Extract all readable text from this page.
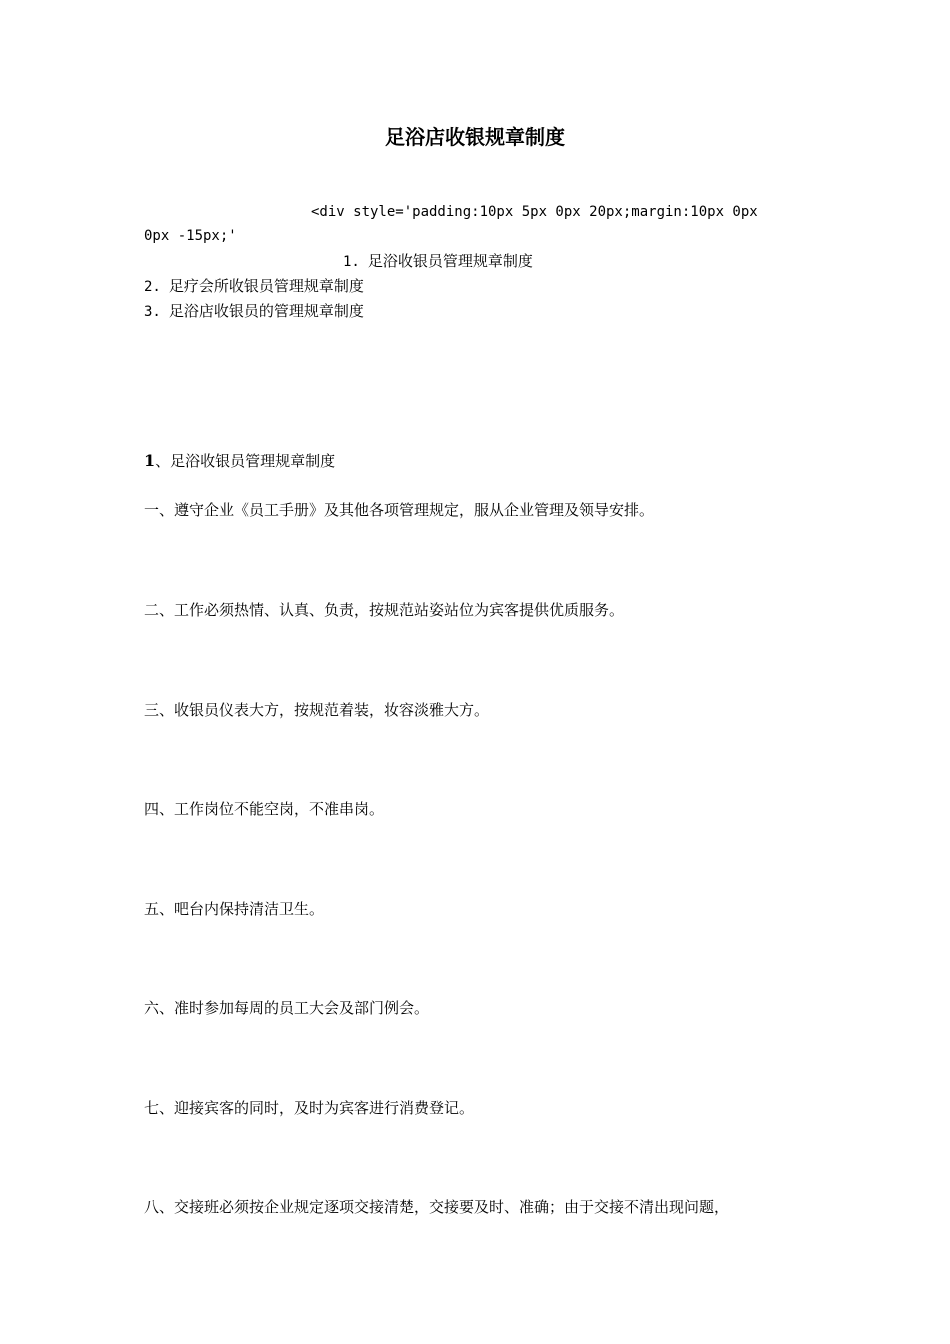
足浴店收银规章制度
<div style='padding:10px 5px 0px 20px;margin:10px 0px
0px -15px;'
1. 足浴收银员管理规章制度
2. 足疗会所收银员管理规章制度
3. 足浴店收银员的管理规章制度
1、足浴收银员管理规章制度
一、遵守企业《员工手册》及其他各项管理规定，服从企业管理及领导安排。
二、工作必须热情、认真、负责，按规范站姿站位为宾客提供优质服务。
三、收银员仪表大方，按规范着装，妆容淡雅大方。
四、工作岗位不能空岗，不准串岗。
五、吧台内保持清洁卫生。
六、准时参加每周的员工大会及部门例会。
七、迎接宾客的同时，及时为宾客进行消费登记。
八、交接班必须按企业规定逐项交接清楚，交接要及时、准确；由于交接不清出现问题，
